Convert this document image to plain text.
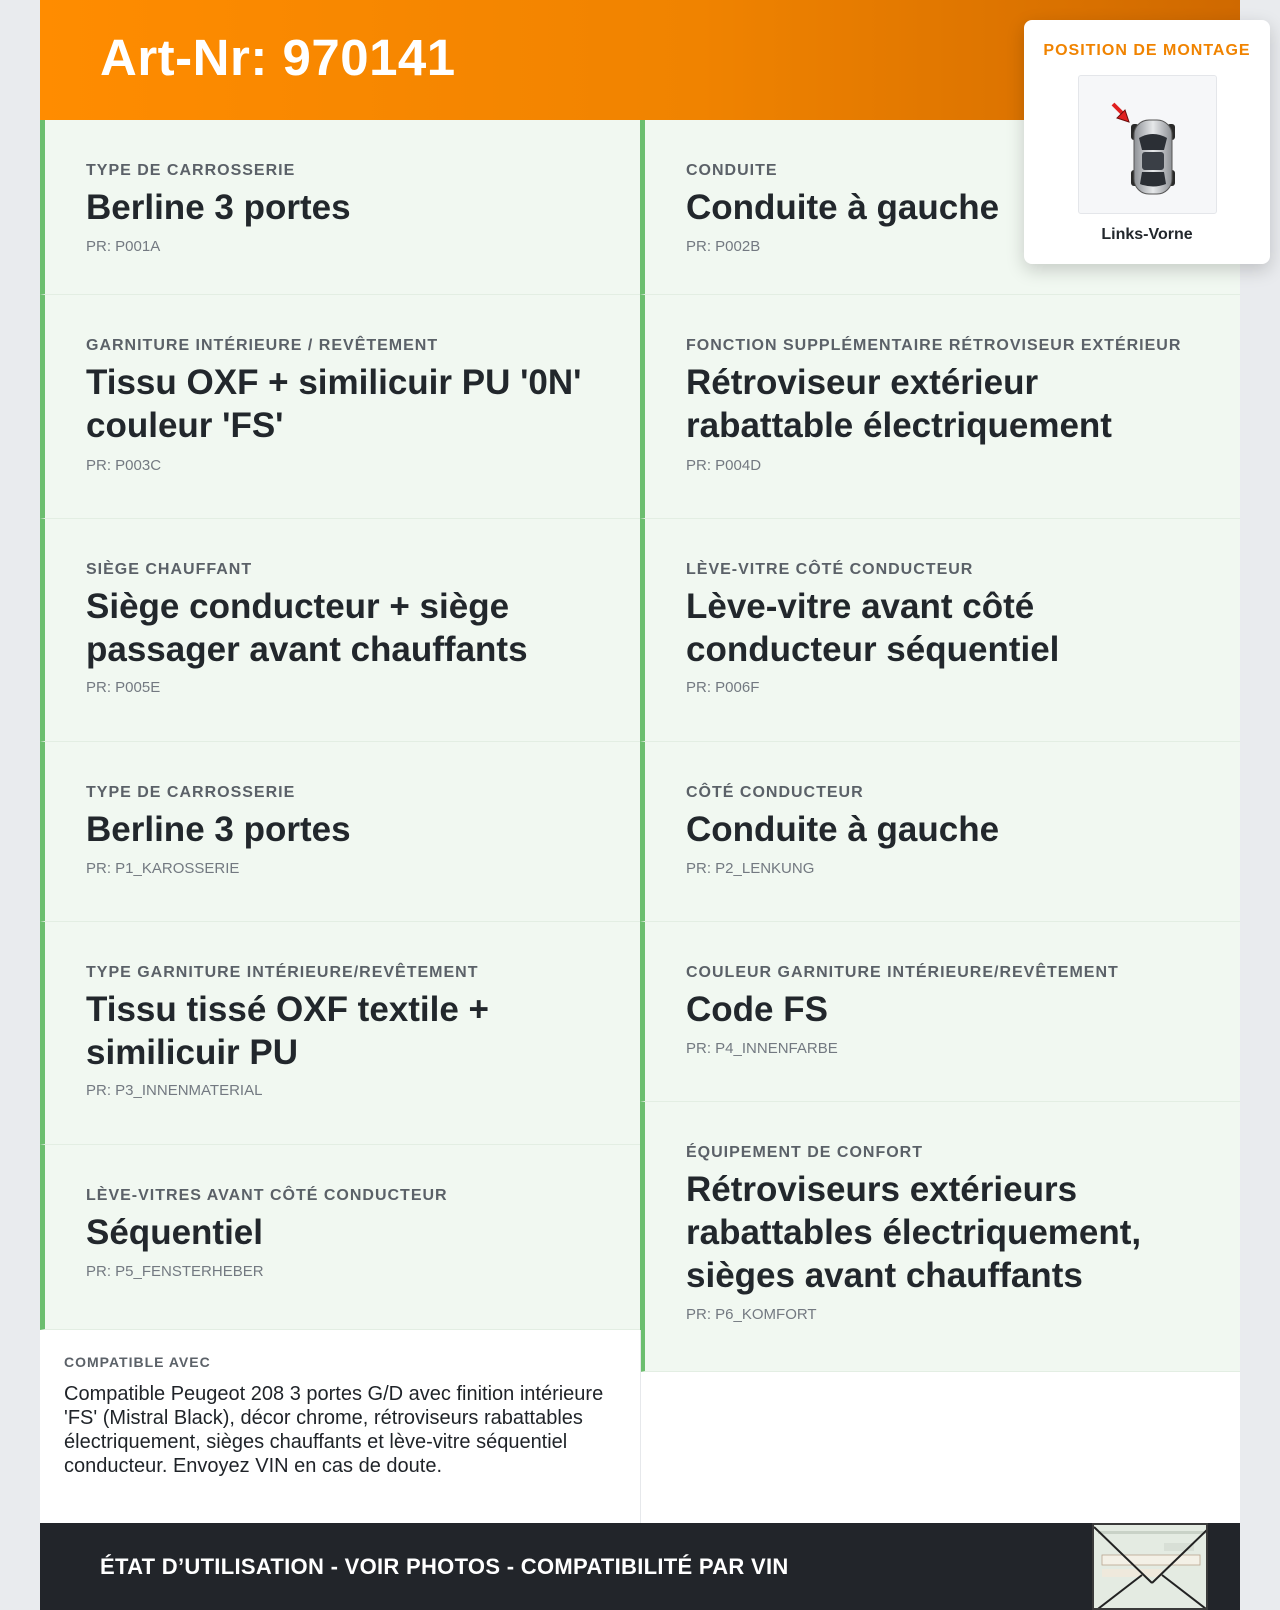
Art-Nr: 970141
TYPE DE CARROSSERIE
Berline 3 portes
PR: P001A
GARNITURE INTÉRIEURE / REVÊTEMENT
Tissu OXF + similicuir PU '0N' couleur 'FS'
PR: P003C
SIÈGE CHAUFFANT
Siège conducteur + siège passager avant chauffants
PR: P005E
TYPE DE CARROSSERIE
Berline 3 portes
PR: P1_KAROSSERIE
TYPE GARNITURE INTÉRIEURE/REVÊTEMENT
Tissu tissé OXF textile + similicuir PU
PR: P3_INNENMATERIAL
LÈVE-VITRES AVANT CÔTÉ CONDUCTEUR
Séquentiel
PR: P5_FENSTERHEBER
CONDUITE
Conduite à gauche
PR: P002B
FONCTION SUPPLÉMENTAIRE RÉTROVISEUR EXTÉRIEUR
Rétroviseur extérieur rabattable électriquement
PR: P004D
LÈVE-VITRE CÔTÉ CONDUCTEUR
Lève-vitre avant côté conducteur séquentiel
PR: P006F
CÔTÉ CONDUCTEUR
Conduite à gauche
PR: P2_LENKUNG
COULEUR GARNITURE INTÉRIEURE/REVÊTEMENT
Code FS
PR: P4_INNENFARBE
ÉQUIPEMENT DE CONFORT
Rétroviseurs extérieurs rabattables électriquement, sièges avant chauffants
PR: P6_KOMFORT
COMPATIBLE AVEC
Compatible Peugeot 208 3 portes G/D avec finition intérieure 'FS' (Mistral Black), décor chrome, rétroviseurs rabattables électriquement, sièges chauffants et lève-vitre séquentiel conducteur. Envoyez VIN en cas de doute.
ÉTAT D’UTILISATION - VOIR PHOTOS - COMPATIBILITÉ PAR VIN
POSITION DE MONTAGE
Links-Vorne
